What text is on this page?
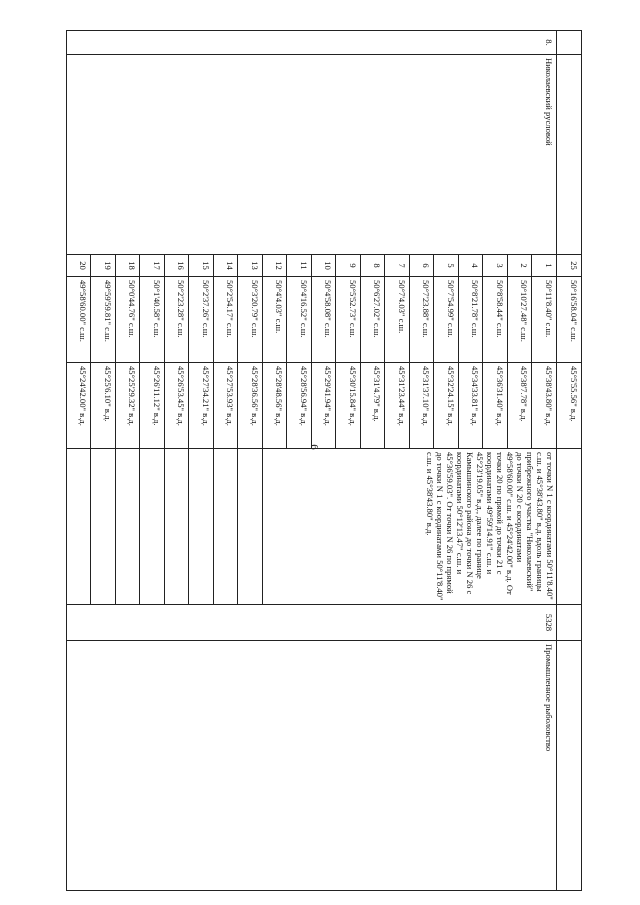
6
		25	50°16'58.04" с.ш.	45°5'55.56" в.д.			
8.	Николаевский русловой	1	50°11'8.40" с.ш.	45°38'43.80" в.д.	от точки N 1 с координатами 50°11'8.40" с.ш. и 45°38'43.80" в.д. вдоль границы прибрежного участка "Николаевский" до точки N 20 с координатами 49°58'60.00" с.ш. и 45°24'42.00" в.д. От точки 20 по прямой до точки 21 с координатами 49°59'14.91" с.ш. и 45°23'19.05" в.д., далее по границе Камышинского района до точки N 26 с координатами 50°12'13.47" с.ш. и 45°36'59.03". От точки N 26 по прямой до точки N 1 с координатами 50°11'8.40" с.ш. и 45°38'43.80" в.д.	5328	Промышленное рыболовство
		2	50°10'27.48" с.ш.	45°38'7.78" в.д.			
		3	50°8'58.44" с.ш.	45°36'31.40" в.д.			
		4	50°8'21.78" с.ш.	45°34'33.81" в.д.			
		5	50°7'54.99" с.ш.	45°32'24.15" в.д.			
		6	50°7'23.88" с.ш.	45°31'37.10" в.д.			
		7	50°7'4.03" с.ш.	45°31'23.44" в.д.			
		8	50°6'27.02" с.ш.	45°31'4.79" в.д.			
		9	50°5'52.73" с.ш.	45°30'15.84" в.д.			
		10	50°4'58.08" с.ш.	45°29'41.94" в.д.			
		11	50°4'16.52" с.ш.	45°28'56.94" в.д.			
		12	50°4'4.03" с.ш.	45°28'48.56" в.д.			
		13	50°3'20.79" с.ш.	45°28'36.56" в.д.			
		14	50°2'54.17" с.ш.	45°27'53.93" в.д.			
		15	50°2'37.26" с.ш.	45°27'34.21" в.д.			
		16	50°2'23.28" с.ш.	45°26'53.45" в.д.			
		17	50°1'40.58" с.ш.	45°26'11.12" в.д.			
		18	50°0'44.76" с.ш.	45°25'29.32" в.д.			
		19	49°59'59.81" с.ш.	45°25'6.10" в.д.			
		20	49°58'60.00" с.ш.	45°24'42.00" в.д.			
